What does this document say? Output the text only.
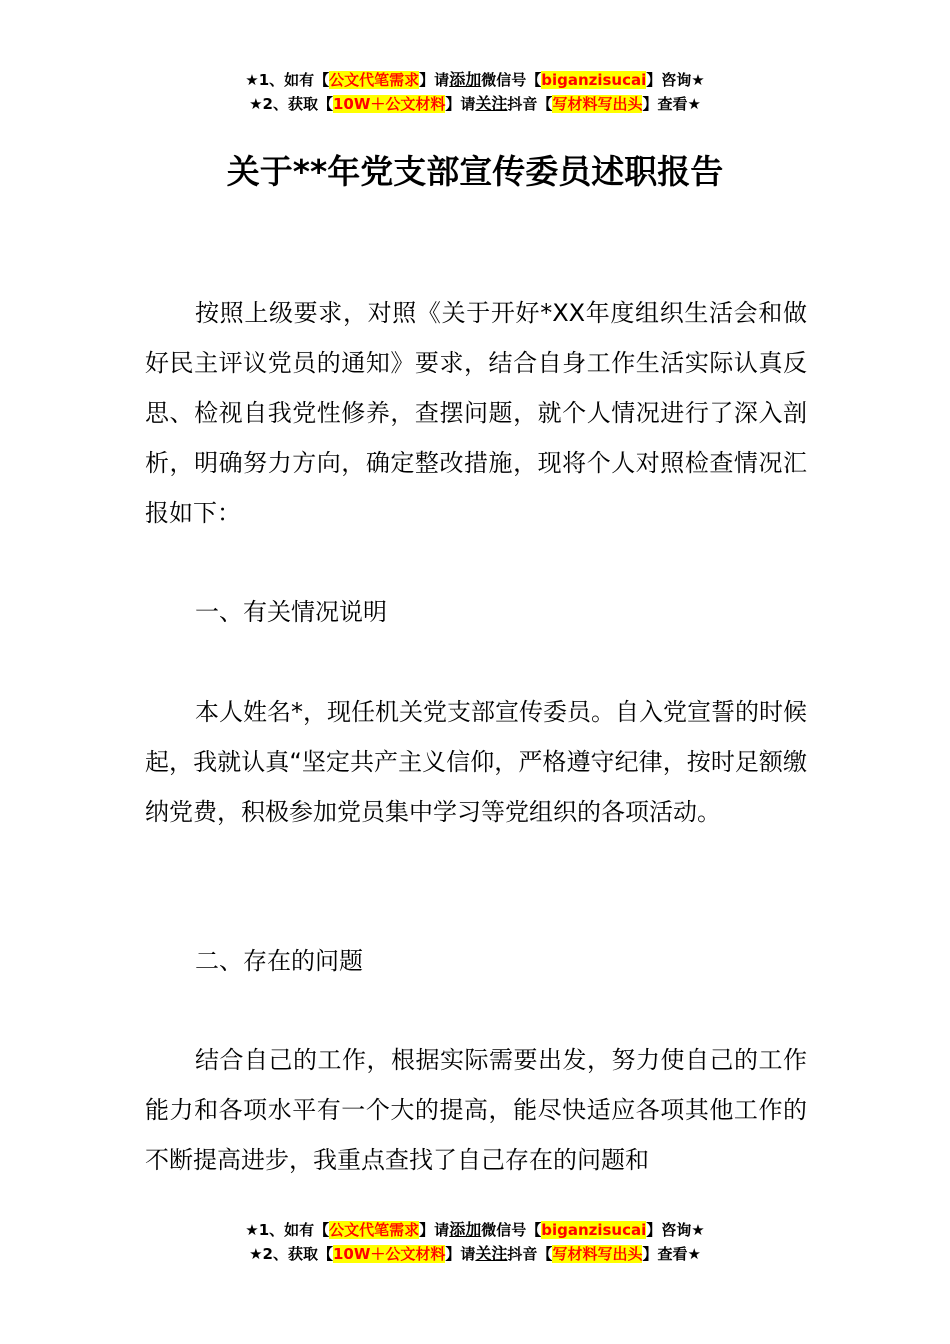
★1、如有【公文代笔需求】请添加微信号【biganzisucai】咨询★
★2、获取【10W＋公文材料】请关注抖音【写材料写出头】查看★
关于**年党支部宣传委员述职报告

按照上级要求，对照《关于开好*XX年度组织生活会和做好民主评议党员的通知》要求，结合自身工作生活实际认真反思、检视自我党性修养，查摆问题，就个人情况进行了深入剖析，明确努力方向，确定整改措施，现将个人对照检查情况汇报如下：

一、有关情况说明

本人姓名*，现任机关党支部宣传委员。自入党宣誓的时候起，我就认真“坚定共产主义信仰，严格遵守纪律，按时足额缴纳党费，积极参加党员集中学习等党组织的各项活动。

二、存在的问题

结合自己的工作，根据实际需要出发，努力使自己的工作能力和各项水平有一个大的提高，能尽快适应各项其他工作的不断提高进步，我重点查找了自己存在的问题和

★1、如有【公文代笔需求】请添加微信号【biganzisucai】咨询★
★2、获取【10W＋公文材料】请关注抖音【写材料写出头】查看★
